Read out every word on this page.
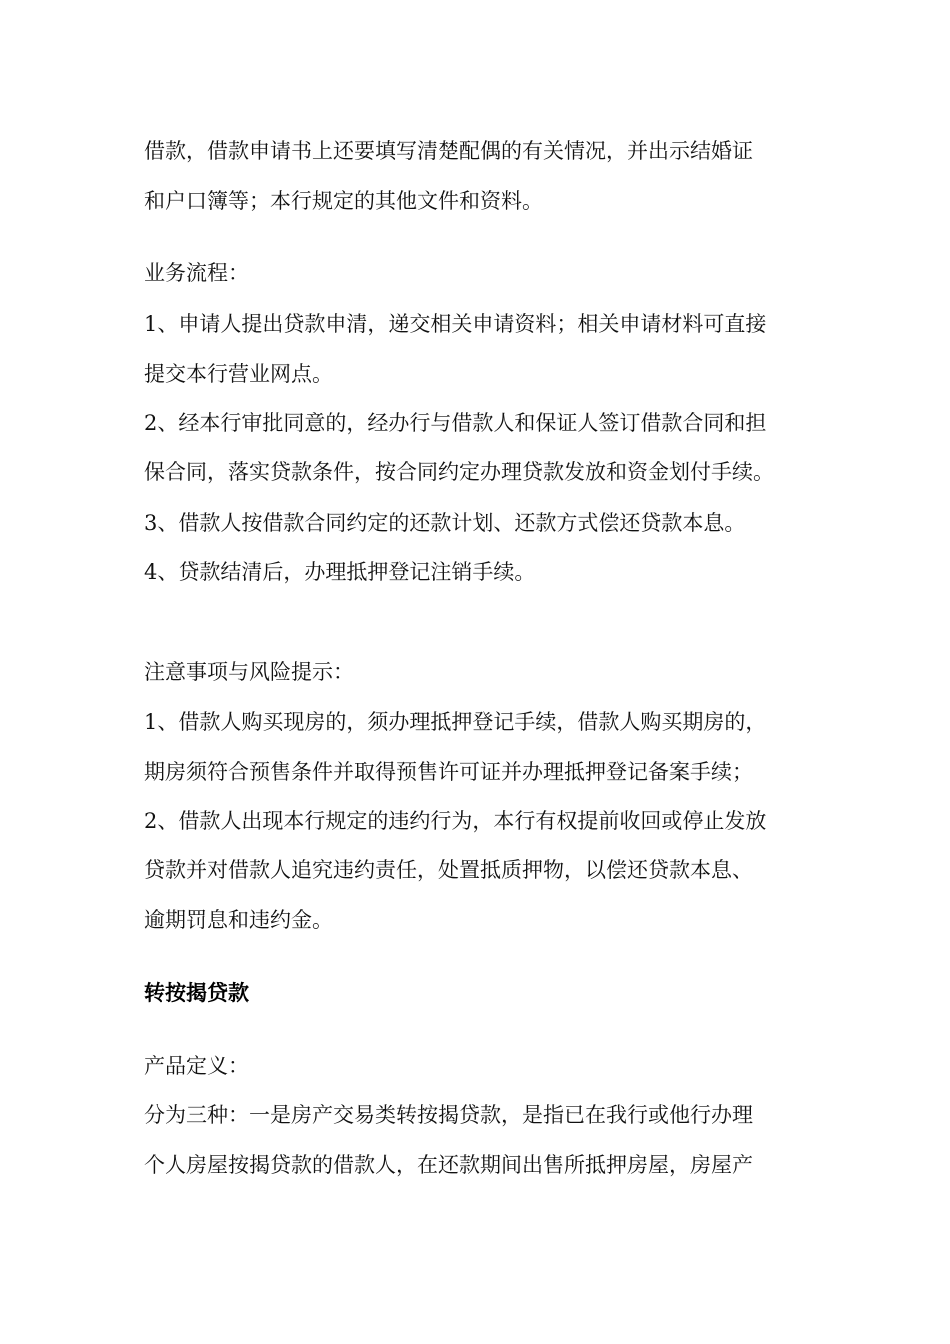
借款，借款申请书上还要填写清楚配偶的有关情况，并出示结婚证
和户口簿等；本行规定的其他文件和资料。
业务流程：
1、申请人提出贷款申清，递交相关申请资料；相关申请材料可直接
提交本行营业网点。
2、经本行审批同意的，经办行与借款人和保证人签订借款合同和担
保合同，落实贷款条件，按合同约定办理贷款发放和资金划付手续。
3、借款人按借款合同约定的还款计划、还款方式偿还贷款本息。
4、贷款结清后，办理抵押登记注销手续。
注意事项与风险提示：
1、借款人购买现房的，须办理抵押登记手续，借款人购买期房的，
期房须符合预售条件并取得预售许可证并办理抵押登记备案手续；
2、借款人出现本行规定的违约行为，本行有权提前收回或停止发放
贷款并对借款人追究违约责任，处置抵质押物，以偿还贷款本息、
逾期罚息和违约金。
转按揭贷款
产品定义：
分为三种：一是房产交易类转按揭贷款，是指已在我行或他行办理
个人房屋按揭贷款的借款人，在还款期间出售所抵押房屋，房屋产
